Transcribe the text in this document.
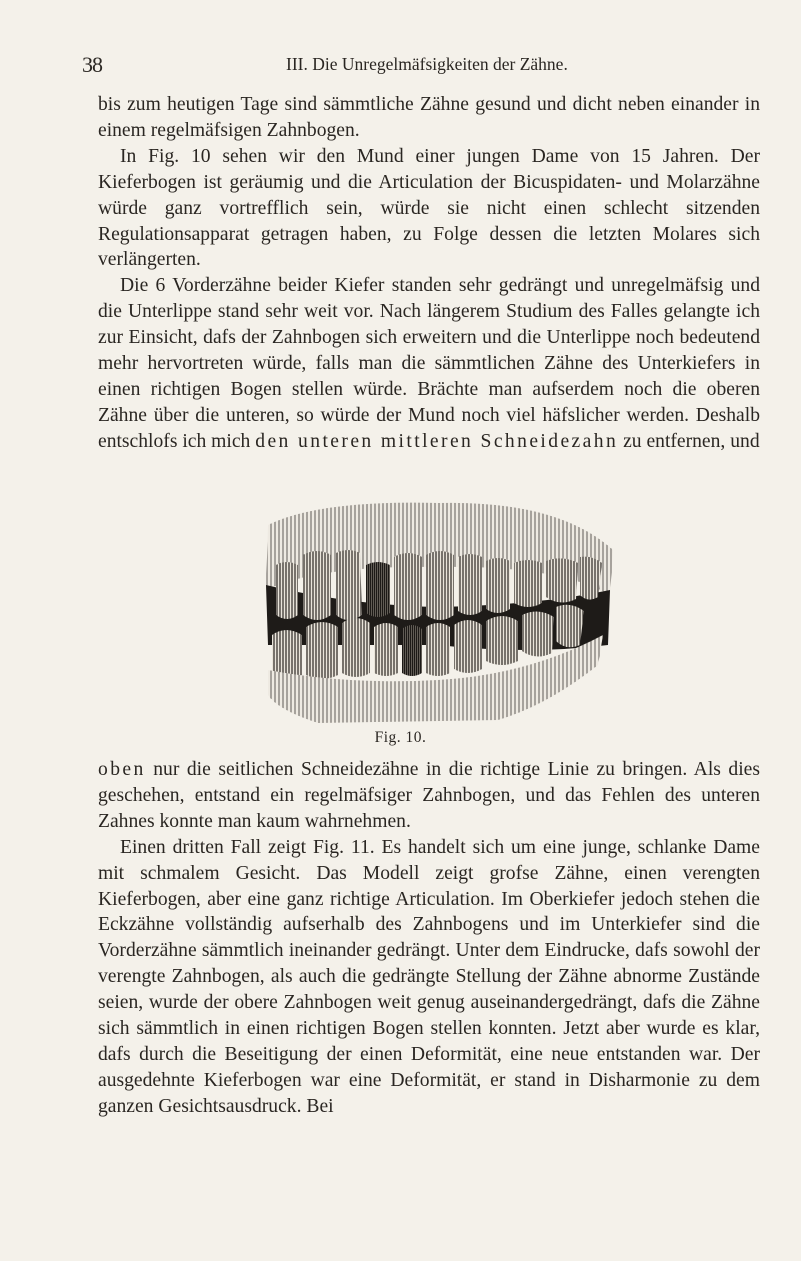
38	III. Die Unregelmäfsigkeiten der Zähne.

bis zum heutigen Tage sind sämmtliche Zähne gesund und dicht neben einander in einem regelmäfsigen Zahnbogen.

In Fig. 10 sehen wir den Mund einer jungen Dame von 15 Jahren. Der Kieferbogen ist geräumig und die Articulation der Bicuspidaten- und Molarzähne würde ganz vortrefflich sein, würde sie nicht einen schlecht sitzenden Regulationsapparat getragen haben, zu Folge dessen die letzten Molares sich verlängerten.

Die 6 Vorderzähne beider Kiefer standen sehr gedrängt und unregelmäfsig und die Unterlippe stand sehr weit vor. Nach längerem Studium des Falles gelangte ich zur Einsicht, dafs der Zahnbogen sich erweitern und die Unterlippe noch bedeutend mehr hervortreten würde, falls man die sämmtlichen Zähne des Unterkiefers in einen richtigen Bogen stellen würde. Brächte man aufserdem noch die oberen Zähne über die unteren, so würde der Mund noch viel häfslicher werden. Deshalb entschlofs ich mich den unteren mittleren Schneidezahn zu entfernen, und

Fig. 10.

oben nur die seitlichen Schneidezähne in die richtige Linie zu bringen. Als dies geschehen, entstand ein regelmäfsiger Zahnbogen, und das Fehlen des unteren Zahnes konnte man kaum wahrnehmen.

Einen dritten Fall zeigt Fig. 11. Es handelt sich um eine junge, schlanke Dame mit schmalem Gesicht. Das Modell zeigt grofse Zähne, einen verengten Kieferbogen, aber eine ganz richtige Articulation. Im Oberkiefer jedoch stehen die Eckzähne vollständig aufserhalb des Zahnbogens und im Unterkiefer sind die Vorderzähne sämmtlich ineinander gedrängt. Unter dem Eindrucke, dafs sowohl der verengte Zahnbogen, als auch die gedrängte Stellung der Zähne abnorme Zustände seien, wurde der obere Zahnbogen weit genug auseinandergedrängt, dafs die Zähne sich sämmtlich in einen richtigen Bogen stellen konnten. Jetzt aber wurde es klar, dafs durch die Beseitigung der einen Deformität, eine neue entstanden war. Der ausgedehnte Kieferbogen war eine Deformität, er stand in Disharmonie zu dem ganzen Gesichtsausdruck. Bei
